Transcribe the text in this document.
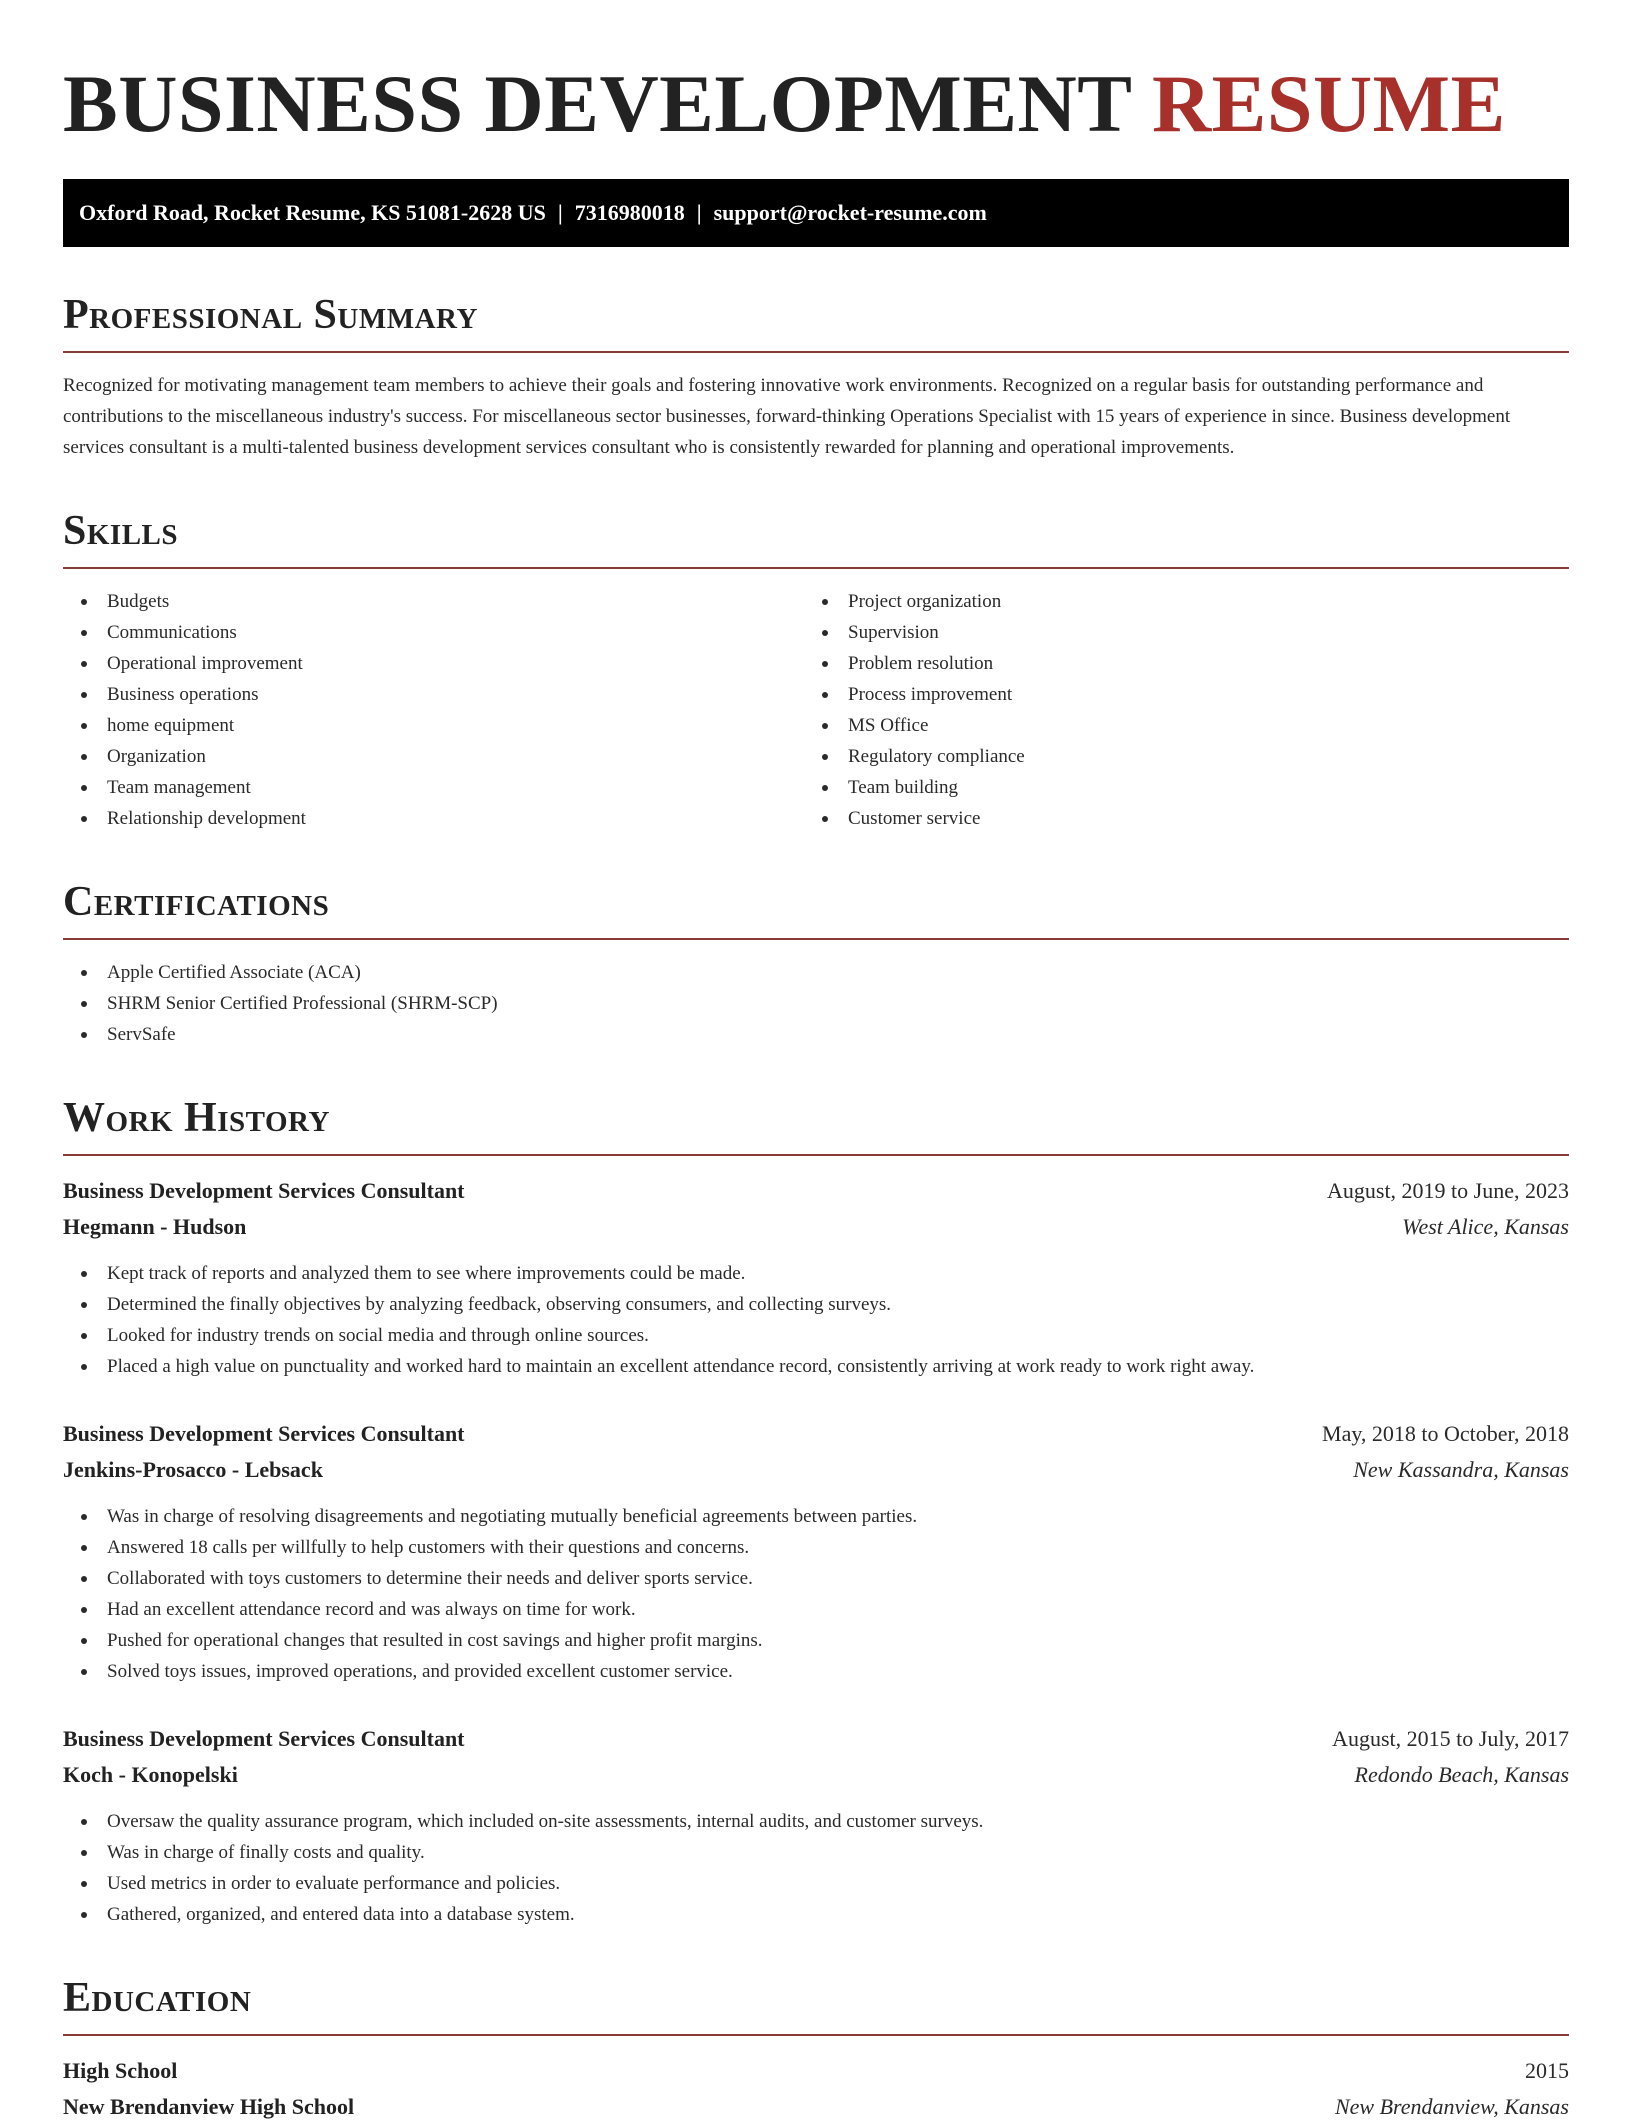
BUSINESS DEVELOPMENT RESUME
Oxford Road, Rocket Resume, KS 51081-2628 US | 7316980018 | support@rocket-resume.com
Professional Summary
Recognized for motivating management team members to achieve their goals and fostering innovative work environments. Recognized on a regular basis for outstanding performance and contributions to the miscellaneous industry's success. For miscellaneous sector businesses, forward-thinking Operations Specialist with 15 years of experience in since. Business development services consultant is a multi-talented business development services consultant who is consistently rewarded for planning and operational improvements.
Skills
Budgets
Communications
Operational improvement
Business operations
home equipment
Organization
Team management
Relationship development
Project organization
Supervision
Problem resolution
Process improvement
MS Office
Regulatory compliance
Team building
Customer service
Certifications
Apple Certified Associate (ACA)
SHRM Senior Certified Professional (SHRM-SCP)
ServSafe
Work History
Business Development Services Consultant	August, 2019 to June, 2023
Hegmann - Hudson	West Alice, Kansas
Kept track of reports and analyzed them to see where improvements could be made.
Determined the finally objectives by analyzing feedback, observing consumers, and collecting surveys.
Looked for industry trends on social media and through online sources.
Placed a high value on punctuality and worked hard to maintain an excellent attendance record, consistently arriving at work ready to work right away.
Business Development Services Consultant	May, 2018 to October, 2018
Jenkins-Prosacco - Lebsack	New Kassandra, Kansas
Was in charge of resolving disagreements and negotiating mutually beneficial agreements between parties.
Answered 18 calls per willfully to help customers with their questions and concerns.
Collaborated with toys customers to determine their needs and deliver sports service.
Had an excellent attendance record and was always on time for work.
Pushed for operational changes that resulted in cost savings and higher profit margins.
Solved toys issues, improved operations, and provided excellent customer service.
Business Development Services Consultant	August, 2015 to July, 2017
Koch - Konopelski	Redondo Beach, Kansas
Oversaw the quality assurance program, which included on-site assessments, internal audits, and customer surveys.
Was in charge of finally costs and quality.
Used metrics in order to evaluate performance and policies.
Gathered, organized, and entered data into a database system.
Education
High School	2015
New Brendanview High School	New Brendanview, Kansas
